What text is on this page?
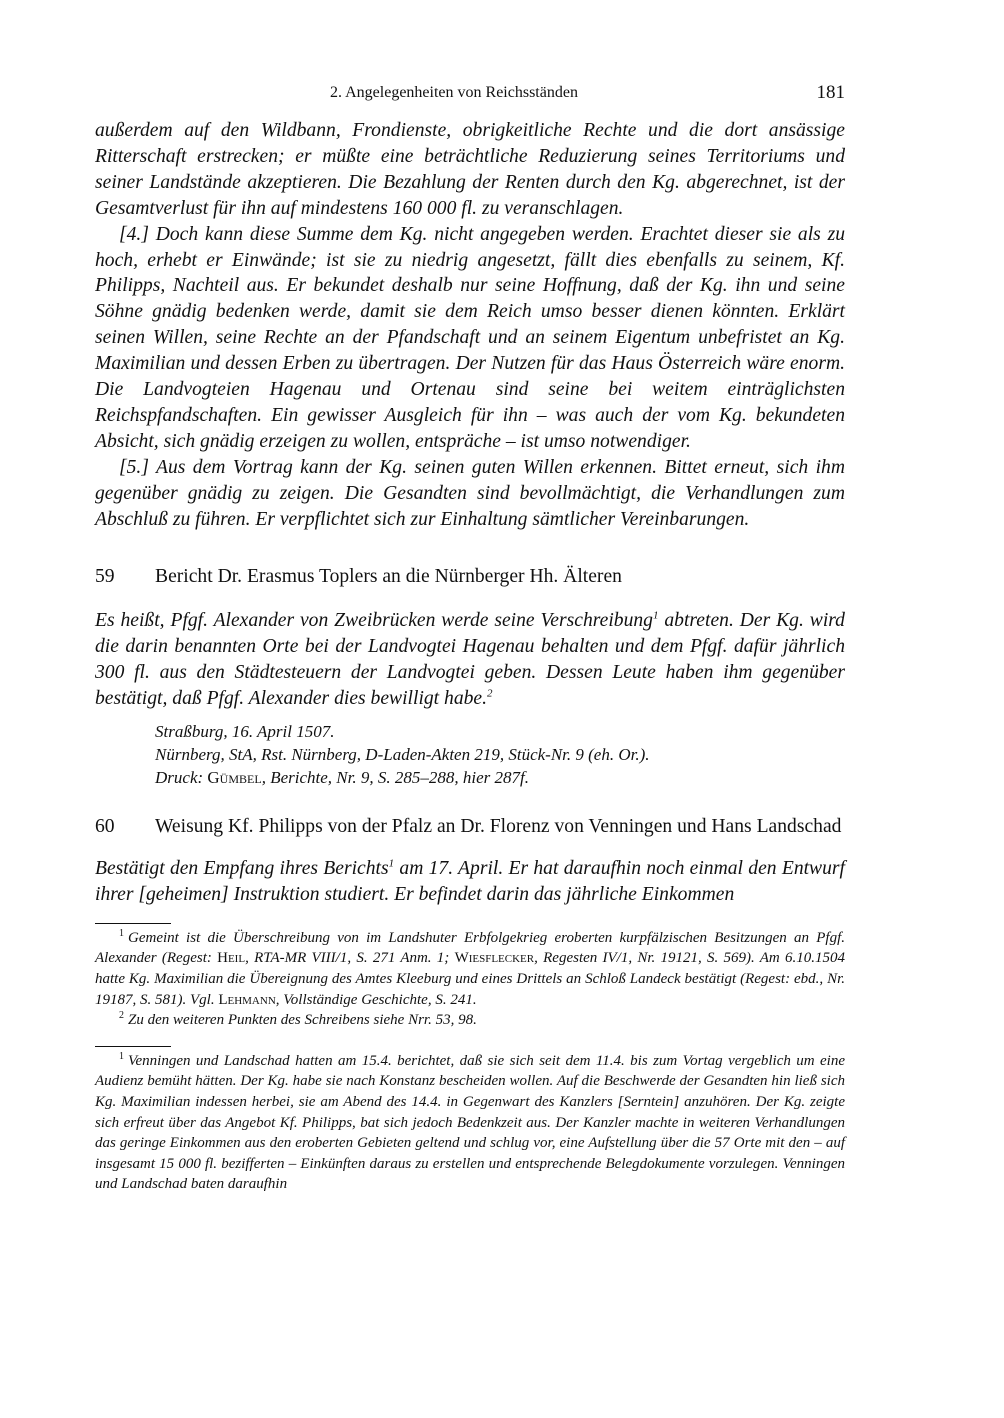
2. Angelegenheiten von Reichsständen	181

außerdem auf den Wildbann, Frondienste, obrigkeitliche Rechte und die dort ansässige Ritterschaft erstrecken; er müßte eine beträchtliche Reduzierung seines Territoriums und seiner Landstände akzeptieren. Die Bezahlung der Renten durch den Kg. abgerechnet, ist der Gesamtverlust für ihn auf mindestens 160 000 fl. zu veranschlagen.

[4.] Doch kann diese Summe dem Kg. nicht angegeben werden. Erachtet dieser sie als zu hoch, erhebt er Einwände; ist sie zu niedrig angesetzt, fällt dies ebenfalls zu seinem, Kf. Philipps, Nachteil aus. Er bekundet deshalb nur seine Hoffnung, daß der Kg. ihn und seine Söhne gnädig bedenken werde, damit sie dem Reich umso besser dienen könnten. Erklärt seinen Willen, seine Rechte an der Pfandschaft und an seinem Eigentum unbefristet an Kg. Maximilian und dessen Erben zu übertragen. Der Nutzen für das Haus Österreich wäre enorm. Die Landvogteien Hagenau und Ortenau sind seine bei weitem einträglichsten Reichspfandschaften. Ein gewisser Ausgleich für ihn – was auch der vom Kg. bekundeten Absicht, sich gnädig erzeigen zu wollen, entspräche – ist umso notwendiger.

[5.] Aus dem Vortrag kann der Kg. seinen guten Willen erkennen. Bittet erneut, sich ihm gegenüber gnädig zu zeigen. Die Gesandten sind bevollmächtigt, die Verhandlungen zum Abschluß zu führen. Er verpflichtet sich zur Einhaltung sämtlicher Vereinbarungen.

59	Bericht Dr. Erasmus Toplers an die Nürnberger Hh. Älteren

Es heißt, Pfgf. Alexander von Zweibrücken werde seine Verschreibung$^1$ abtreten. Der Kg. wird die darin benannten Orte bei der Landvogtei Hagenau behalten und dem Pfgf. dafür jährlich 300 fl. aus den Städtesteuern der Landvogtei geben. Dessen Leute haben ihm gegenüber bestätigt, daß Pfgf. Alexander dies bewilligt habe.$^2$

Straßburg, 16. April 1507.

Nürnberg, StA, Rst. Nürnberg, D-Laden-Akten 219, Stück-Nr. 9 (eh. Or.).

Druck: Gümbel, Berichte, Nr. 9, S. 285–288, hier 287f.

60	Weisung Kf. Philipps von der Pfalz an Dr. Florenz von Venningen und Hans Landschad

Bestätigt den Empfang ihres Berichts$^1$ am 17. April. Er hat daraufhin noch einmal den Entwurf ihrer [geheimen] Instruktion studiert. Er befindet darin das jährliche Einkommen

$^1$ Gemeint ist die Überschreibung von im Landshuter Erbfolgekrieg eroberten kurpfälzischen Besitzungen an Pfgf. Alexander (Regest: Heil, RTA-MR VIII/1, S. 271 Anm. 1; Wiesflecker, Regesten IV/1, Nr. 19121, S. 569). Am 6.10.1504 hatte Kg. Maximilian die Übereignung des Amtes Kleeburg und eines Drittels an Schloß Landeck bestätigt (Regest: ebd., Nr. 19187, S. 581). Vgl. Lehmann, Vollständige Geschichte, S. 241.

$^2$ Zu den weiteren Punkten des Schreibens siehe Nrr. 53, 98.

$^1$ Venningen und Landschad hatten am 15.4. berichtet, daß sie sich seit dem 11.4. bis zum Vortag vergeblich um eine Audienz bemüht hätten. Der Kg. habe sie nach Konstanz bescheiden wollen. Auf die Beschwerde der Gesandten hin ließ sich Kg. Maximilian indessen herbei, sie am Abend des 14.4. in Gegenwart des Kanzlers [Serntein] anzuhören. Der Kg. zeigte sich erfreut über das Angebot Kf. Philipps, bat sich jedoch Bedenkzeit aus. Der Kanzler machte in weiteren Verhandlungen das geringe Einkommen aus den eroberten Gebieten geltend und schlug vor, eine Aufstellung über die 57 Orte mit den – auf insgesamt 15 000 fl. bezifferten – Einkünften daraus zu erstellen und entsprechende Belegdokumente vorzulegen. Venningen und Landschad baten daraufhin
